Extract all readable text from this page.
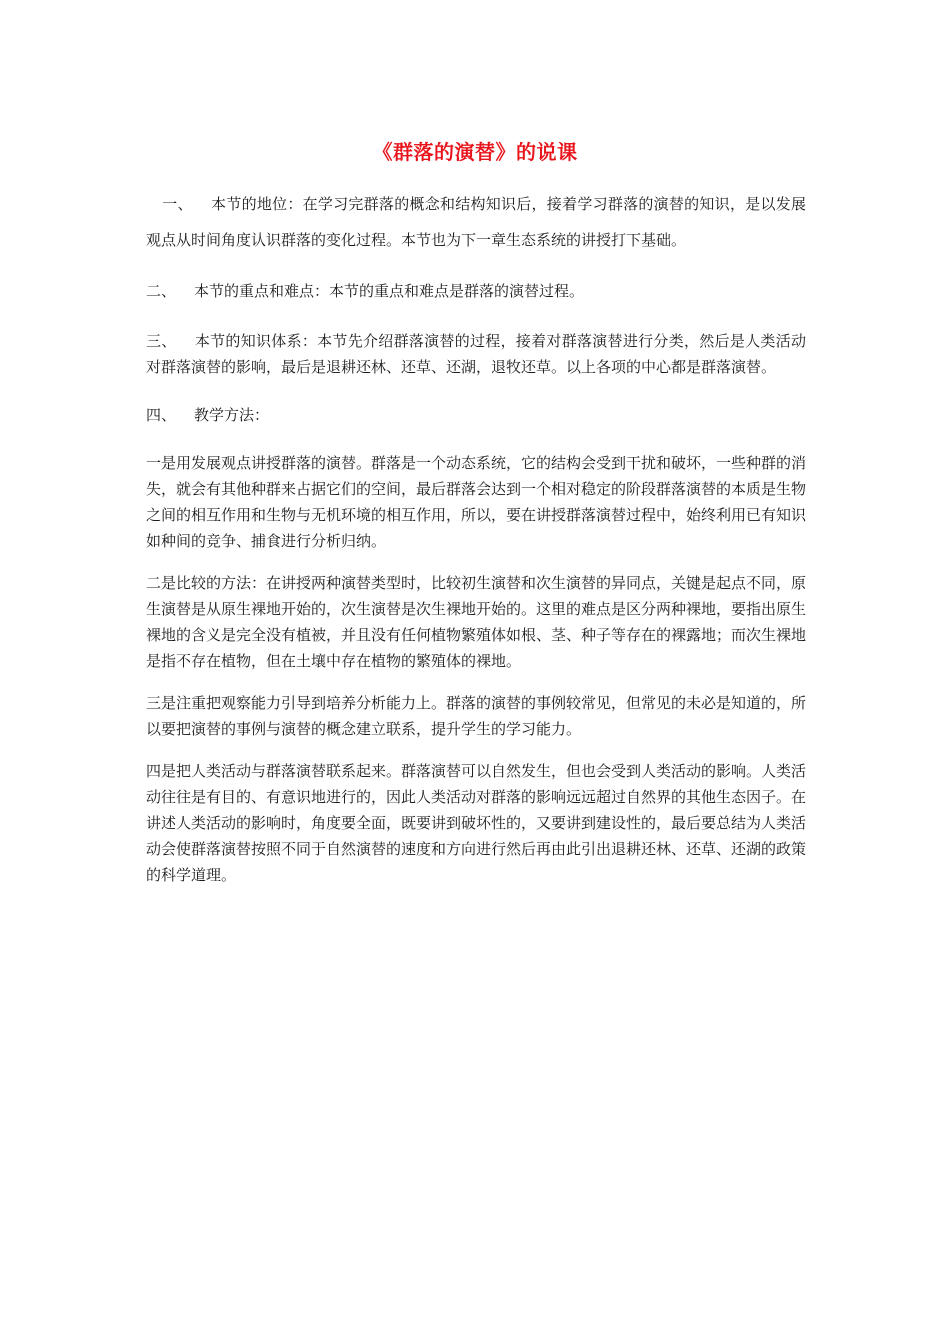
《群落的演替》的说课

一、 本节的地位：在学习完群落的概念和结构知识后，接着学习群落的演替的知识，是以发展观点从时间角度认识群落的变化过程。本节也为下一章生态系统的讲授打下基础。

二、 本节的重点和难点：本节的重点和难点是群落的演替过程。

三、 本节的知识体系：本节先介绍群落演替的过程，接着对群落演替进行分类，然后是人类活动对群落演替的影响，最后是退耕还林、还草、还湖，退牧还草。以上各项的中心都是群落演替。

四、 教学方法：

一是用发展观点讲授群落的演替。群落是一个动态系统，它的结构会受到干扰和破坏，一些种群的消失，就会有其他种群来占据它们的空间，最后群落会达到一个相对稳定的阶段群落演替的本质是生物之间的相互作用和生物与无机环境的相互作用，所以，要在讲授群落演替过程中，始终利用已有知识如种间的竞争、捕食进行分析归纳。

二是比较的方法：在讲授两种演替类型时，比较初生演替和次生演替的异同点，关键是起点不同，原生演替是从原生裸地开始的，次生演替是次生裸地开始的。这里的难点是区分两种裸地，要指出原生裸地的含义是完全没有植被，并且没有任何植物繁殖体如根、茎、种子等存在的裸露地；而次生裸地是指不存在植物，但在土壤中存在植物的繁殖体的裸地。

三是注重把观察能力引导到培养分析能力上。群落的演替的事例较常见，但常见的未必是知道的，所以要把演替的事例与演替的概念建立联系，提升学生的学习能力。

四是把人类活动与群落演替联系起来。群落演替可以自然发生，但也会受到人类活动的影响。人类活动往往是有目的、有意识地进行的，因此人类活动对群落的影响远远超过自然界的其他生态因子。在讲述人类活动的影响时，角度要全面，既要讲到破坏性的，又要讲到建设性的，最后要总结为人类活动会使群落演替按照不同于自然演替的速度和方向进行然后再由此引出退耕还林、还草、还湖的政策的科学道理。
